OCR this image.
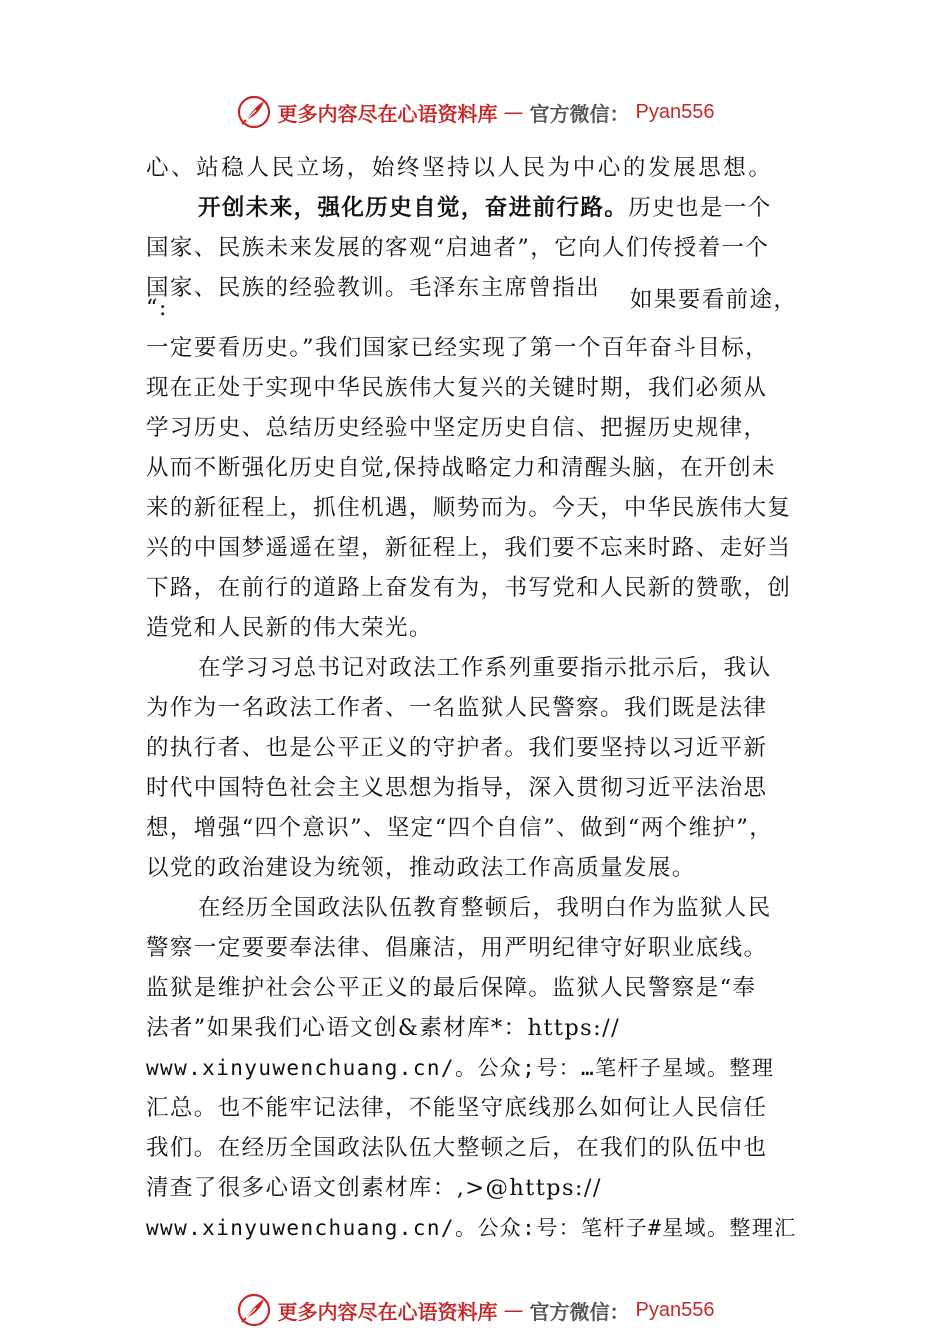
更多内容尽在心语资料库 — 官方微信： Pyan556
心、站稳人民立场，始终坚持以人民为中心的发展思想。
开创未来，强化历史自觉，奋进前行路。历史也是一个
国家、民族未来发展的客观“启迪者”，它向人们传授着一个
国家、民族的经验教训。毛泽东主席曾指出
“:	如果要看前途，
一定要看历史。”我们国家已经实现了第一个百年奋斗目标，
现在正处于实现中华民族伟大复兴的关键时期，我们必须从
学习历史、总结历史经验中坚定历史自信、把握历史规律，
从而不断强化历史自觉,保持战略定力和清醒头脑，在开创未
来的新征程上，抓住机遇，顺势而为。今天，中华民族伟大复
兴的中国梦遥遥在望，新征程上，我们要不忘来时路、走好当
下路，在前行的道路上奋发有为，书写党和人民新的赞歌，创
造党和人民新的伟大荣光。
在学习习总书记对政法工作系列重要指示批示后，我认
为作为一名政法工作者、一名监狱人民警察。我们既是法律
的执行者、也是公平正义的守护者。我们要坚持以习近平新
时代中国特色社会主义思想为指导，深入贯彻习近平法治思
想，增强“四个意识”、坚定“四个自信”、做到“两个维护”，
以党的政治建设为统领，推动政法工作高质量发展。
在经历全国政法队伍教育整顿后，我明白作为监狱人民
警察一定要要奉法律、倡廉洁，用严明纪律守好职业底线。
监狱是维护社会公平正义的最后保障。监狱人民警察是“奉
法者”如果我们心语文创&素材库*：https://
www.xinyuwenchuang.cn/。公众;号：…笔杆子星域。整理
汇总。也不能牢记法律，不能坚守底线那么如何让人民信任
我们。在经历全国政法队伍大整顿之后，在我们的队伍中也
清查了很多心语文创素材库：,>@https://
www.xinyuwenchuang.cn/。公众:号：笔杆子#星域。整理汇
更多内容尽在心语资料库 — 官方微信： Pyan556
